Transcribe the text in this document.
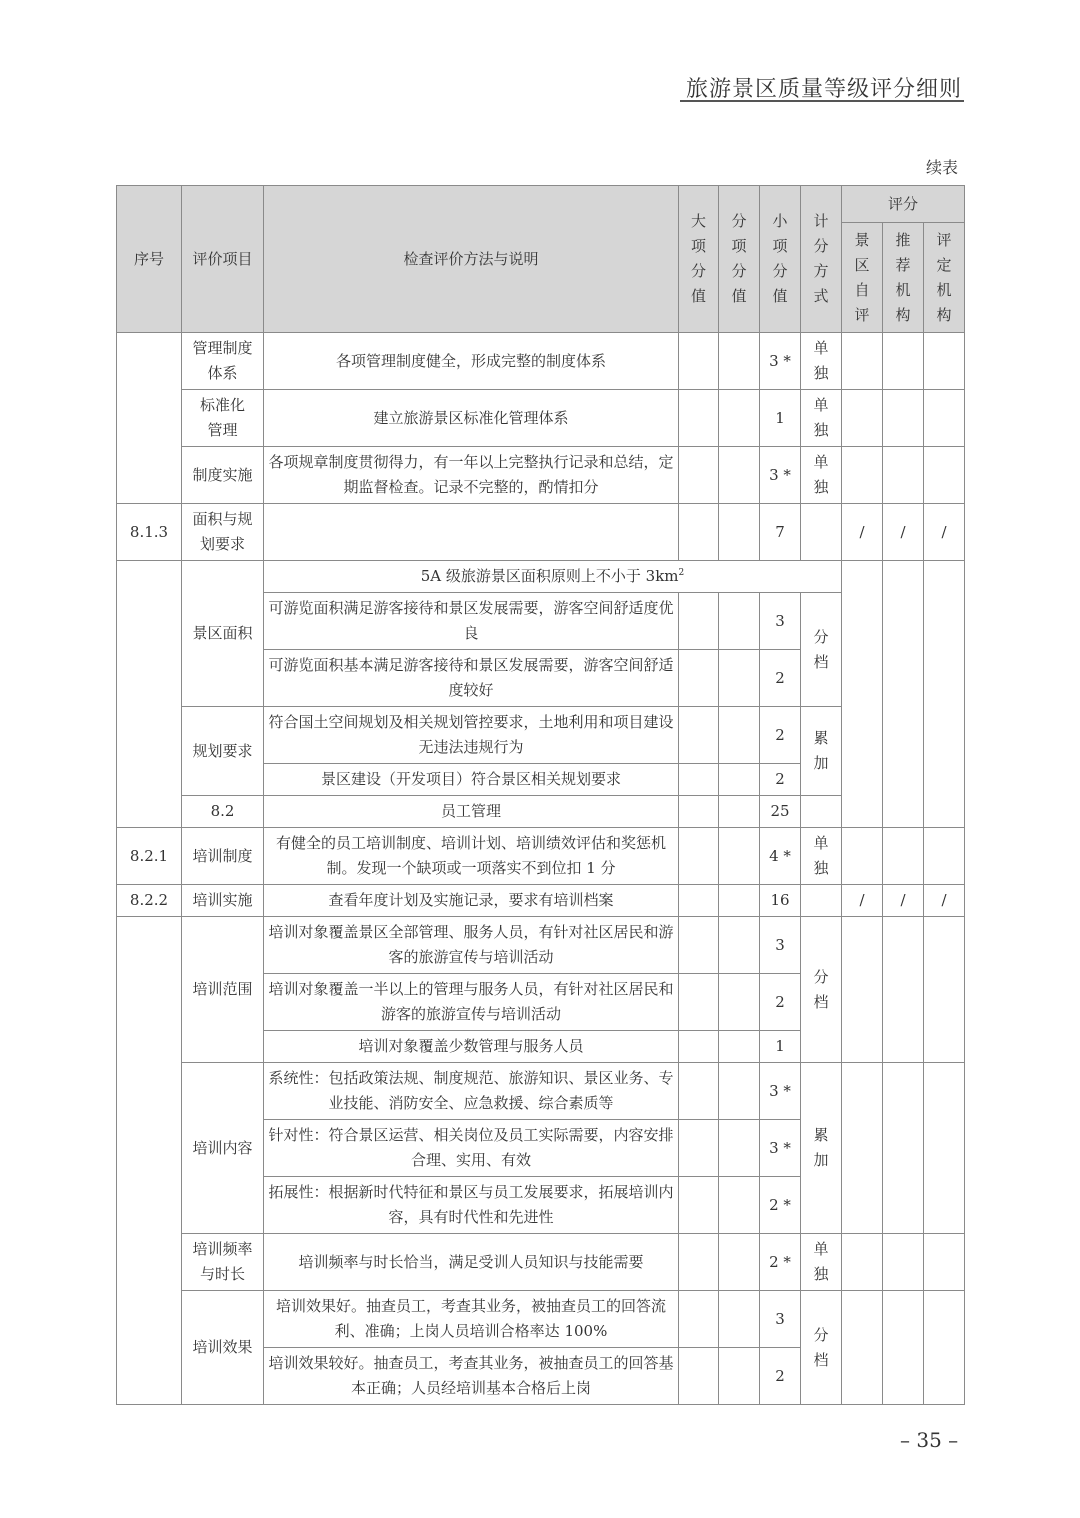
旅游景区质量等级评分细则
续表
序号	评价项目	检查评价方法与说明	大项分值	分项分值	小项分值	计分方式	评分			
							景区自评	推荐机构	评定机构	
	管理制度体系	各项管理制度健全，形成完整的制度体系			3 *	单独				
	标准化管理	建立旅游景区标准化管理体系			1	单独				
	制度实施	各项规章制度贯彻得力，有一年以上完整执行记录和总结，定期监督检查。记录不完整的，酌情扣分			3 *	单独				
8.1.3	面积与规划要求				7		/	/	/	
	景区面积	5A 级旅游景区面积原则上不小于 $3km^2$			
		可游览面积满足游客接待和景区发展需要，游客空间舒适度优良			3	分档				
		可游览面积基本满足游客接待和景区发展需要，游客空间舒适度较好			2					
	规划要求	符合国土空间规划及相关规划管控要求，土地利用和项目建设无违法违规行为			2	累加				
		景区建设（开发项目）符合景区相关规划要求			2					
	8.2	员工管理			25					
8.2.1	培训制度	有健全的员工培训制度、培训计划、培训绩效评估和奖惩机制。发现一个缺项或一项落实不到位扣 1 分			4 *	单独				
8.2.2	培训实施	查看年度计划及实施记录，要求有培训档案			16		/	/	/	
	培训范围	培训对象覆盖景区全部管理、服务人员，有针对社区居民和游客的旅游宣传与培训活动			3	分档				
		培训对象覆盖一半以上的管理与服务人员，有针对社区居民和游客的旅游宣传与培训活动			2					
		培训对象覆盖少数管理与服务人员			1					
	培训内容	系统性：包括政策法规、制度规范、旅游知识、景区业务、专业技能、消防安全、应急救援、综合素质等			3 *	累加				
		针对性：符合景区运营、相关岗位及员工实际需要，内容安排合理、实用、有效			3 *					
		拓展性：根据新时代特征和景区与员工发展要求，拓展培训内容，具有时代性和先进性			2 *					
	培训频率与时长	培训频率与时长恰当，满足受训人员知识与技能需要			2 *	单独				
	培训效果	培训效果好。抽查员工，考查其业务，被抽查员工的回答流利、准确；上岗人员培训合格率达 100%			3	分档				
		培训效果较好。抽查员工，考查其业务，被抽查员工的回答基本正确；人员经培训基本合格后上岗			2					
– 35 –
